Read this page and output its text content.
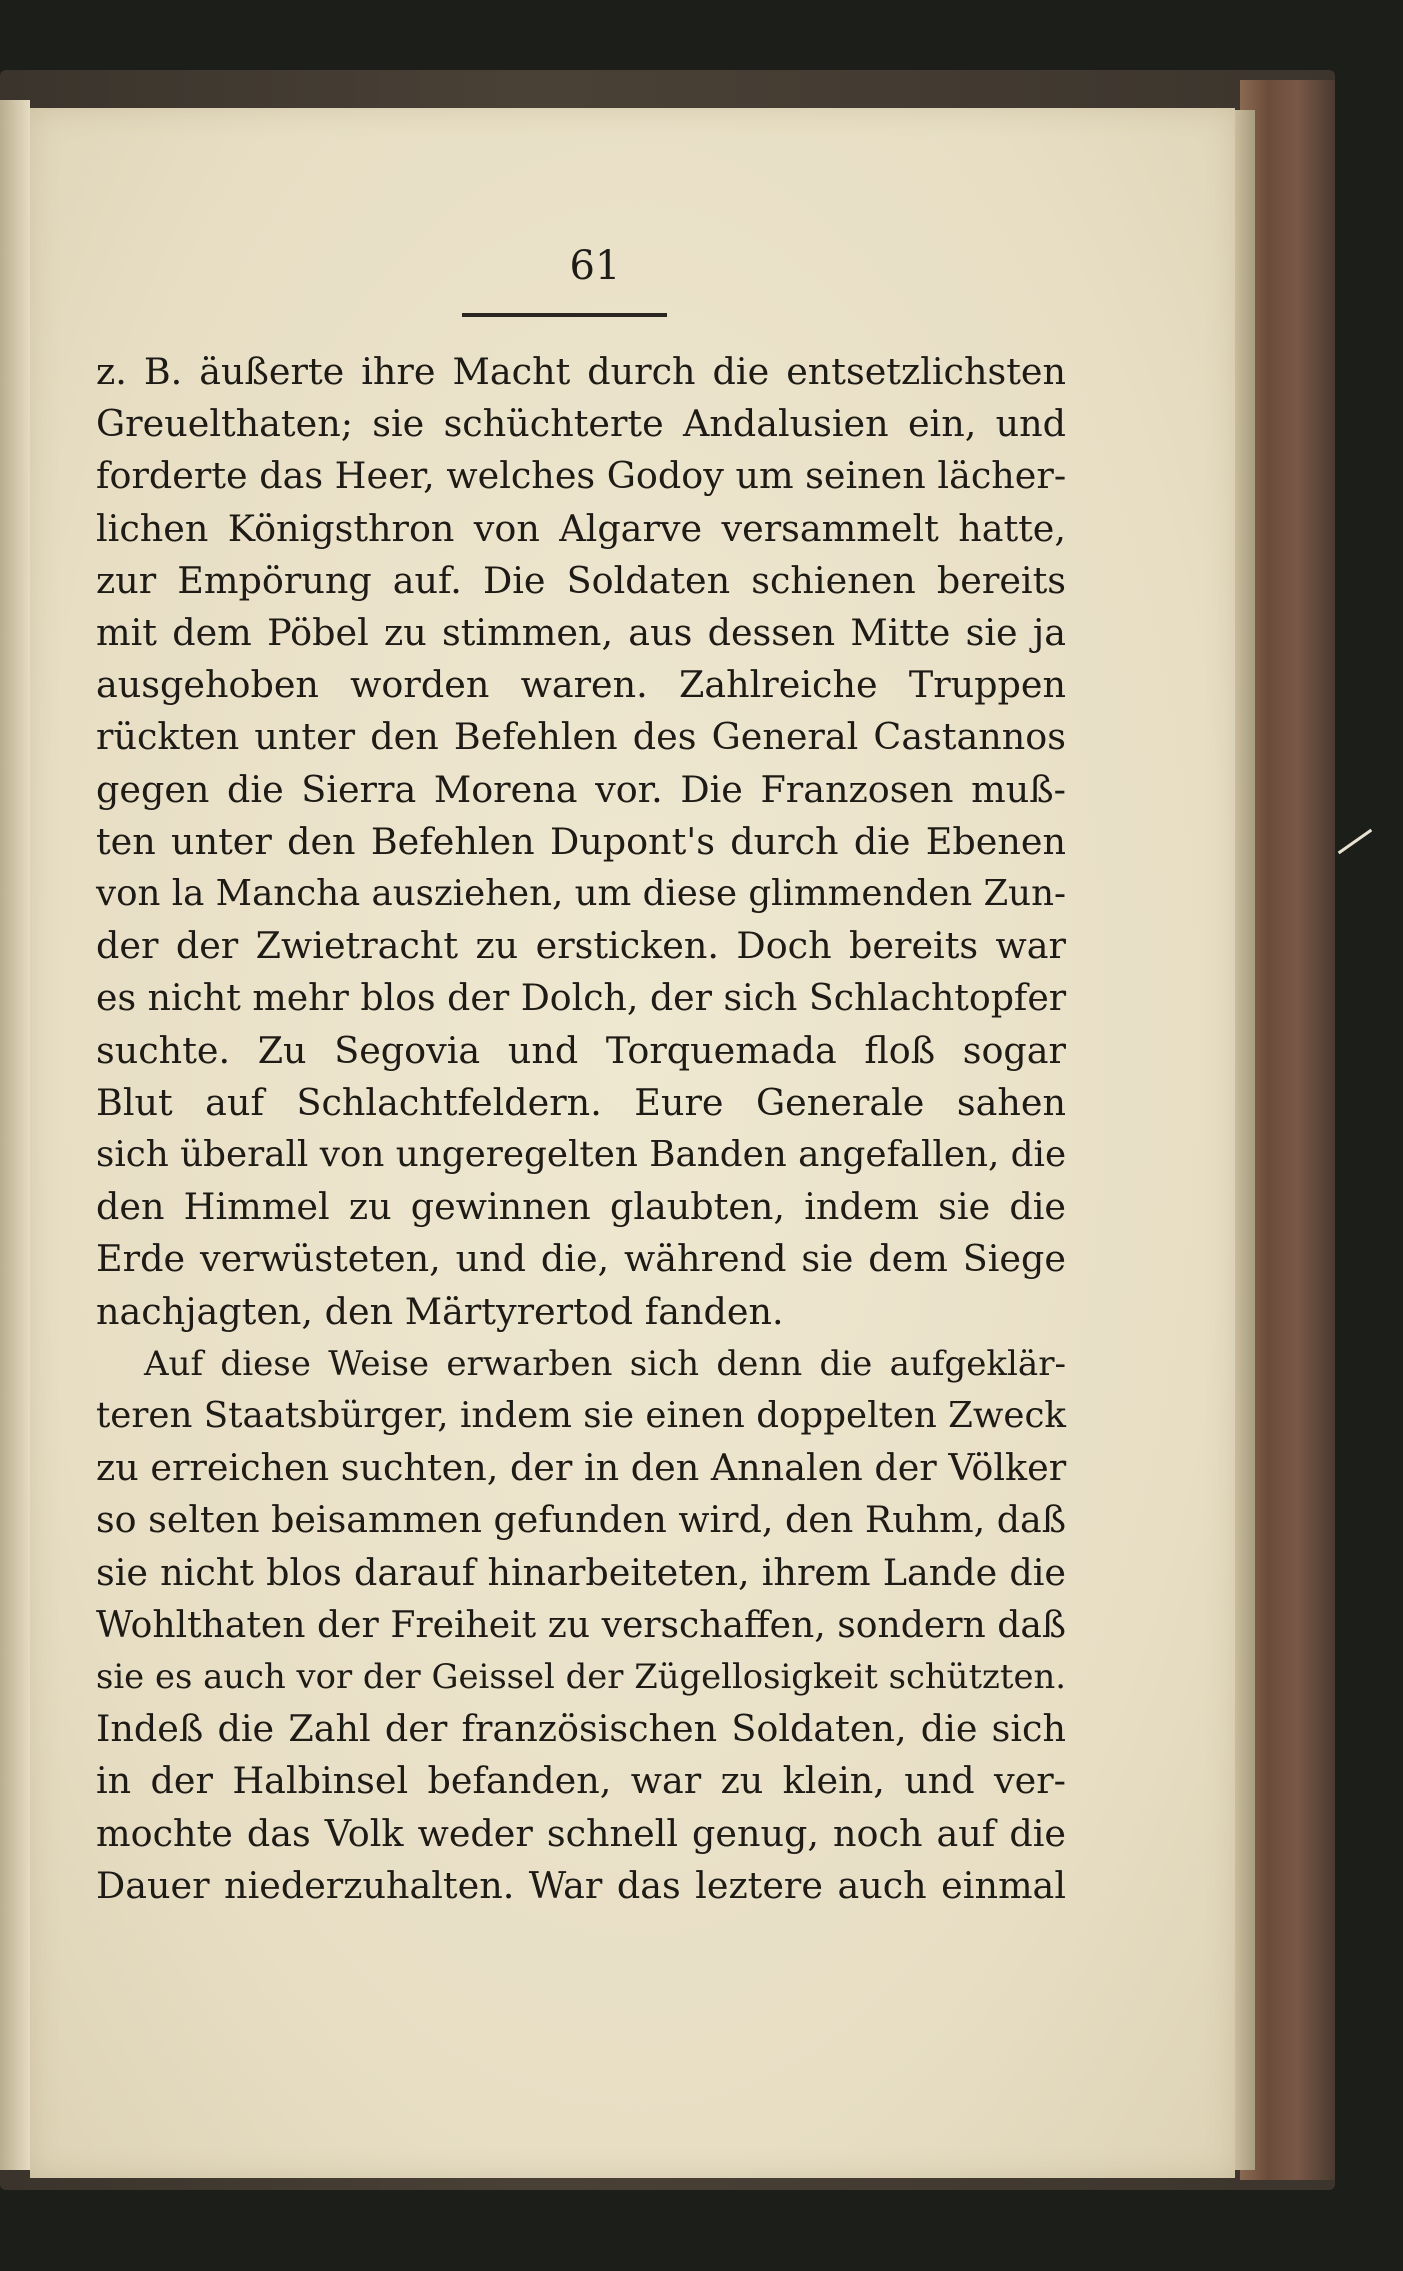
61
z. B. äußerte ihre Macht durch die entsetzlichsten
Greuelthaten; sie schüchterte Andalusien ein, und
forderte das Heer, welches Godoy um seinen lächer-
lichen Königsthron von Algarve versammelt hatte,
zur Empörung auf. Die Soldaten schienen bereits
mit dem Pöbel zu stimmen, aus dessen Mitte sie ja
ausgehoben worden waren. Zahlreiche Truppen
rückten unter den Befehlen des General Castannos
gegen die Sierra Morena vor. Die Franzosen muß-
ten unter den Befehlen Dupont's durch die Ebenen
von la Mancha ausziehen, um diese glimmenden Zun-
der der Zwietracht zu ersticken. Doch bereits war
es nicht mehr blos der Dolch, der sich Schlachtopfer
suchte. Zu Segovia und Torquemada floß sogar
Blut auf Schlachtfeldern. Eure Generale sahen
sich überall von ungeregelten Banden angefallen, die
den Himmel zu gewinnen glaubten, indem sie die
Erde verwüsteten, und die, während sie dem Siege
nachjagten, den Märtyrertod fanden.
Auf diese Weise erwarben sich denn die aufgeklär-
teren Staatsbürger, indem sie einen doppelten Zweck
zu erreichen suchten, der in den Annalen der Völker
so selten beisammen gefunden wird, den Ruhm, daß
sie nicht blos darauf hinarbeiteten, ihrem Lande die
Wohlthaten der Freiheit zu verschaffen, sondern daß
sie es auch vor der Geissel der Zügellosigkeit schützten.
Indeß die Zahl der französischen Soldaten, die sich
in der Halbinsel befanden, war zu klein, und ver-
mochte das Volk weder schnell genug, noch auf die
Dauer niederzuhalten. War das leztere auch einmal
